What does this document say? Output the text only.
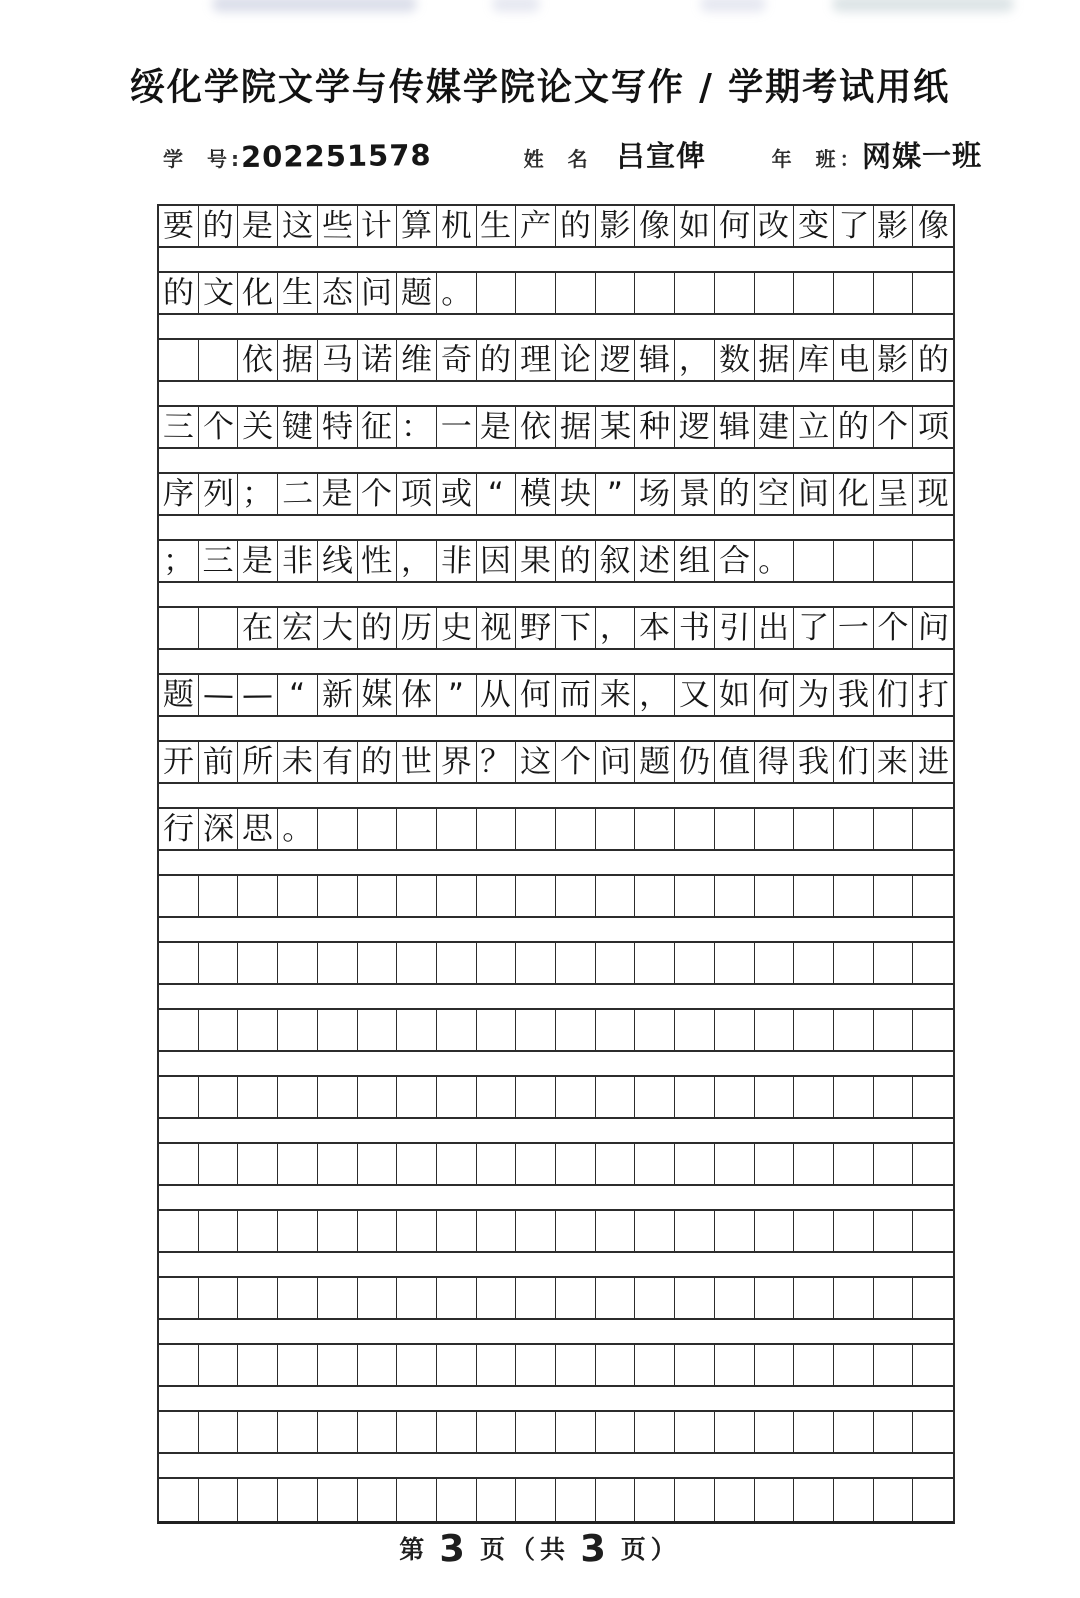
绥化学院文学与传媒学院论文写作 / 学期考试用纸
学　号 : 202251578	姓　名 吕宣俾	年　班 ： 网媒一班
要 的 是 这 些 计 算 机 生 产 的 影 像 如 何 改 变 了 影 像
的 文 化 生 态 问 题 。
依 据 马 诺 维 奇 的 理 论 逻 辑 ， 数 据 库 电 影 的
三 个 关 键 特 征 ： 一 是 依 据 某 种 逻 辑 建 立 的 个 项
序 列 ； 二 是 个 项 或 “ 模 块 ” 场 景 的 空 间 化 呈 现
； 三 是 非 线 性 ， 非 因 果 的 叙 述 组 合 。
在 宏 大 的 历 史 视 野 下 ， 本 书 引 出 了 一 个 问
题 — — “ 新 媒 体 ” 从 何 而 来 ， 又 如 何 为 我 们 打
开 前 所 未 有 的 世 界 ？ 这 个 问 题 仍 值 得 我 们 来 进
行 深 思 。
第 3 页（共 3 页）
